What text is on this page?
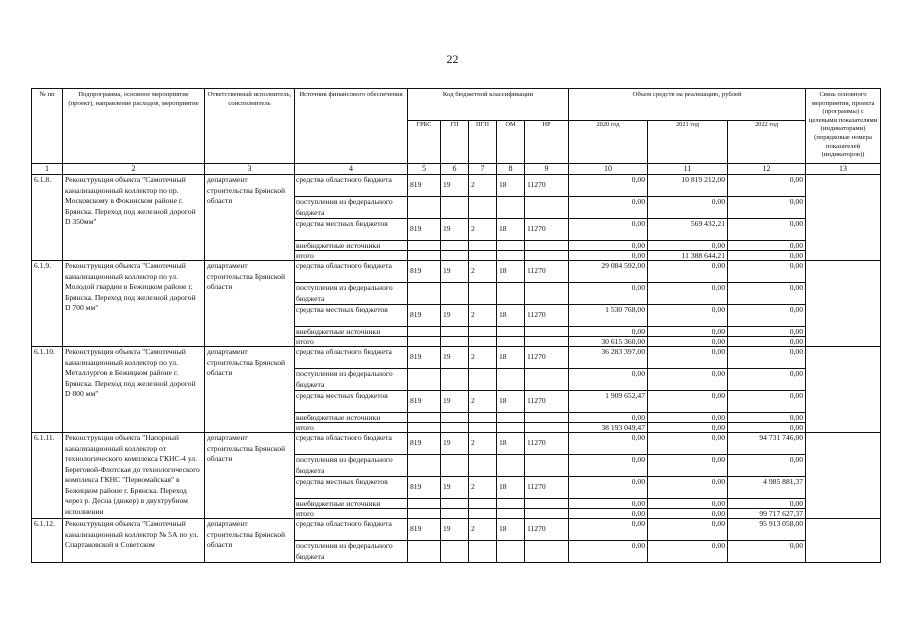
22
№ пп	Подпрограмма, основное мероприятие (проект), направление расходов, мероприятие	Ответственный исполнитель, соисполнитель	Источник финансового обеспечения	Код бюджетной классификации					Объем средств на реализацию, рублей			Связь основного мероприятия, проекта (программы) с целевыми показателями (индикаторами) (порядковые номера показателей (индикаторов))
				ГРБС	ГП	ПГП	ОМ	НР	2020 год	2021 год	2022 год	
1	2	3	4	5	6	7	8	9	10	11	12	13
6.1.8.	Реконструкция объекта "Самотечный канализационный коллектор по пр. Московскому в Фокинском районе г. Брянска. Переход под железной дорогой D 350мм"	департамент строительства Брянской области	средства областного бюджета	819	19	2	18	11270	0,00	10 819 212,00	0,00	
			поступления из федерального бюджета						0,00	0,00	0,00	
			средства местных бюджетов	819	19	2	18	11270	0,00	569 432,21	0,00	
			внебюджетные источники						0,00	0,00	0,00	
			итого						0,00	11 388 644,21	0,00	
6.1.9.	Реконструкция объекта "Самотечный канализационный коллектор по ул. Молодой гвардии в Бежицком районе г. Брянска. Переход под железной дорогой D 700 мм"	департамент строительства Брянской области	средства областного бюджета	819	19	2	18	11270	29 084 592,00	0,00	0,00	
			поступления из федерального бюджета						0,00	0,00	0,00	
			средства местных бюджетов	819	19	2	18	11270	1 530 768,00	0,00	0,00	
			внебюджетные источники						0,00	0,00	0,00	
			итого						30 615 360,00	0,00	0,00	
6.1.10.	Реконструкция объекта "Самотечный канализационный коллектор по ул. Металлургов в Бежицком районе г. Брянска. Переход под железной дорогой D 800 мм"	департамент строительства Брянской области	средства областного бюджета	819	19	2	18	11270	36 283 397,00	0,00	0,00	
			поступления из федерального бюджета						0,00	0,00	0,00	
			средства местных бюджетов	819	19	2	18	11270	1 909 652,47	0,00	0,00	
			внебюджетные источники						0,00	0,00	0,00	
			итого						38 193 049,47	0,00	0,00	
6.1.11.	Реконструкция объекта "Напорный канализационный коллектор от технологического комплекса ГКНС-4 ул. Береговой-Флотская до технологического комплекса ГКНС "Первомайская" в Бежицком районе г. Брянска. Переход через р. Десна (дюкер) в двухтрубном исполнении	департамент строительства Брянской области	средства областного бюджета	819	19	2	18	11270	0,00	0,00	94 731 746,00	
			поступления из федерального бюджета						0,00	0,00	0,00	
			средства местных бюджетов	819	19	2	18	11270	0,00	0,00	4 985 881,37	
			внебюджетные источники						0,00	0,00	0,00	
			итого						0,00	0,00	99 717 627,37	
6.1.12.	Реконструкция объекта "Самотечный канализационный коллектор № 5А по ул. Спартаковской в Советском	департамент строительства Брянской области	средства областного бюджета	819	19	2	18	11270	0,00	0,00	95 913 058,00	
			поступления из федерального бюджета						0,00	0,00	0,00	
